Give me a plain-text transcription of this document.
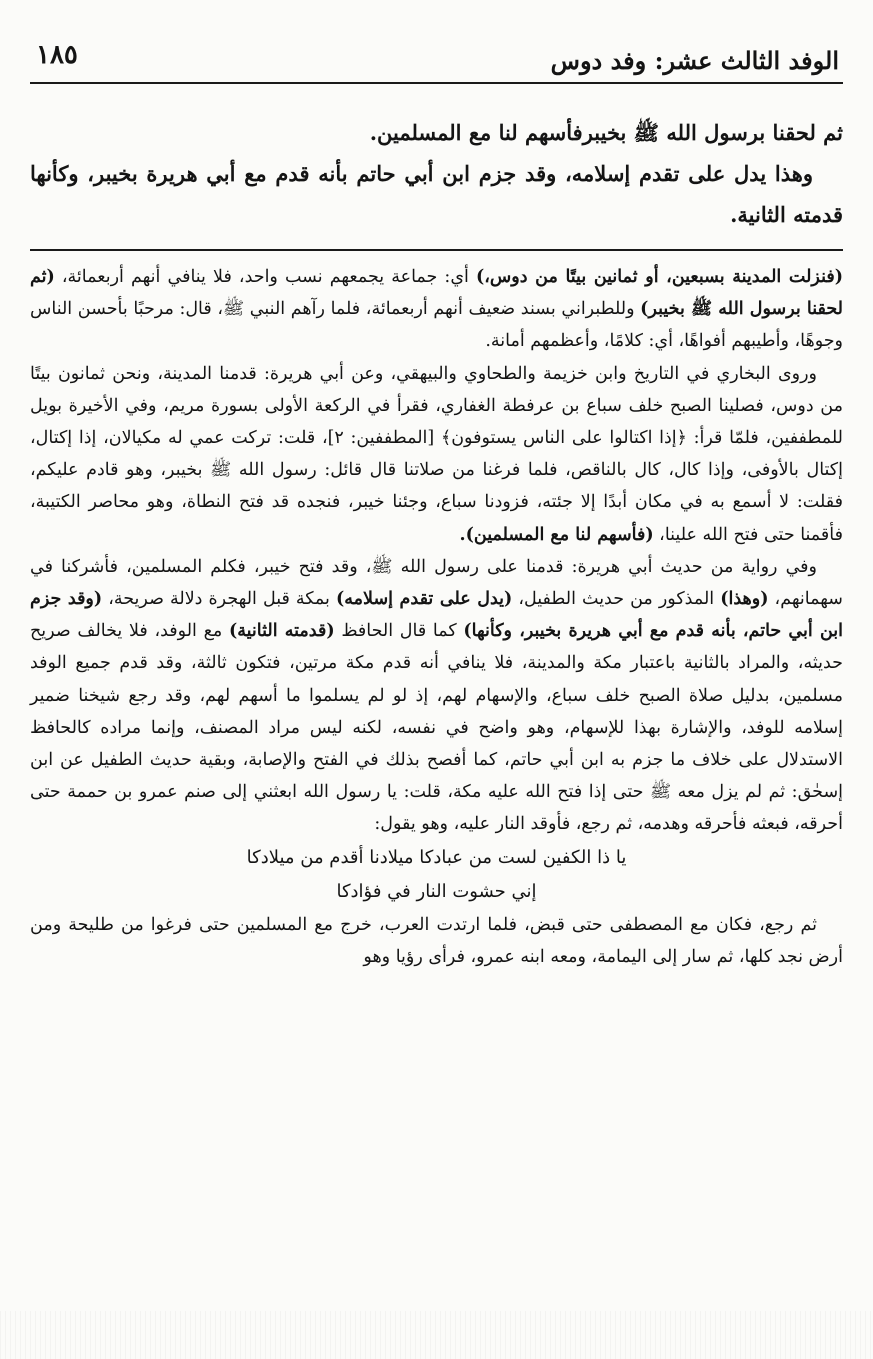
الوفد الثالث عشر: وفد دوس
١٨٥

ثم لحقنا برسول الله ﷺ بخيبرفأسهم لنا مع المسلمين.

وهذا يدل على تقدم إسلامه، وقد جزم ابن أبي حاتم بأنه قدم مع أبي هريرة بخيبر، وكأنها قدمته الثانية.

(فنزلت المدينة بسبعين، أو ثمانين بيتًا من دوس،) أي: جماعة يجمعهم نسب واحد، فلا ينافي أنهم أربعمائة، (ثم لحقنا برسول الله ﷺ بخيبر) وللطبراني بسند ضعيف أنهم أربعمائة، فلما رآهم النبي ﷺ، قال: مرحبًا بأحسن الناس وجوهًا، وأطيبهم أفواهًا، أي: كلامًا، وأعظمهم أمانة.

وروى البخاري في التاريخ وابن خزيمة والطحاوي والبيهقي، وعن أبي هريرة: قدمنا المدينة، ونحن ثمانون بيتًا من دوس، فصلينا الصبح خلف سباع بن عرفطة الغفاري، فقرأ في الركعة الأولى بسورة مريم، وفي الأخيرة بويل للمطففين، فلمّا قرأ: ﴿إذا اكتالوا على الناس يستوفون﴾ [المطففين: ٢]، قلت: تركت عمي له مكيالان، إذا إكتال، إكتال بالأوفى، وإذا كال، كال بالناقص، فلما فرغنا من صلاتنا قال قائل: رسول الله ﷺ بخيبر، وهو قادم عليكم، فقلت: لا أسمع به في مكان أبدًا إلا جئته، فزودنا سباع، وجئنا خيبر، فنجده قد فتح النطاة، وهو محاصر الكتيبة، فأقمنا حتى فتح الله علينا، (فأسهم لنا مع المسلمين).

وفي رواية من حديث أبي هريرة: قدمنا على رسول الله ﷺ، وقد فتح خيبر، فكلم المسلمين، فأشركنا في سهمانهم، (وهذا) المذكور من حديث الطفيل، (يدل على تقدم إسلامه) بمكة قبل الهجرة دلالة صريحة، (وقد جزم ابن أبي حاتم، بأنه قدم مع أبي هريرة بخيبر، وكأنها) كما قال الحافظ (قدمته الثانية) مع الوفد، فلا يخالف صريح حديثه، والمراد بالثانية باعتبار مكة والمدينة، فلا ينافي أنه قدم مكة مرتين، فتكون ثالثة، وقد قدم جميع الوفد مسلمين، بدليل صلاة الصبح خلف سباع، والإسهام لهم، إذ لو لم يسلموا ما أسهم لهم، وقد رجع شيخنا ضمير إسلامه للوفد، والإشارة بهذا للإسهام، وهو واضح في نفسه، لكنه ليس مراد المصنف، وإنما مراده كالحافظ الاستدلال على خلاف ما جزم به ابن أبي حاتم، كما أفصح بذلك في الفتح والإصابة، وبقية حديث الطفيل عن ابن إسحٰق: ثم لم يزل معه ﷺ حتى إذا فتح الله عليه مكة، قلت: يا رسول الله ابعثني إلى صنم عمرو بن حممة حتى أحرقه، فبعثه فأحرقه وهدمه، ثم رجع، فأوقد النار عليه، وهو يقول:

يا ذا الكفين لست من عبادكا ميلادنا أقدم من ميلادكا
إني حشوت النار في فؤادكا

ثم رجع، فكان مع المصطفى حتى قبض، فلما ارتدت العرب، خرج مع المسلمين حتى فرغوا من طليحة ومن أرض نجد كلها، ثم سار إلى اليمامة، ومعه ابنه عمرو، فرأى رؤيا وهو
